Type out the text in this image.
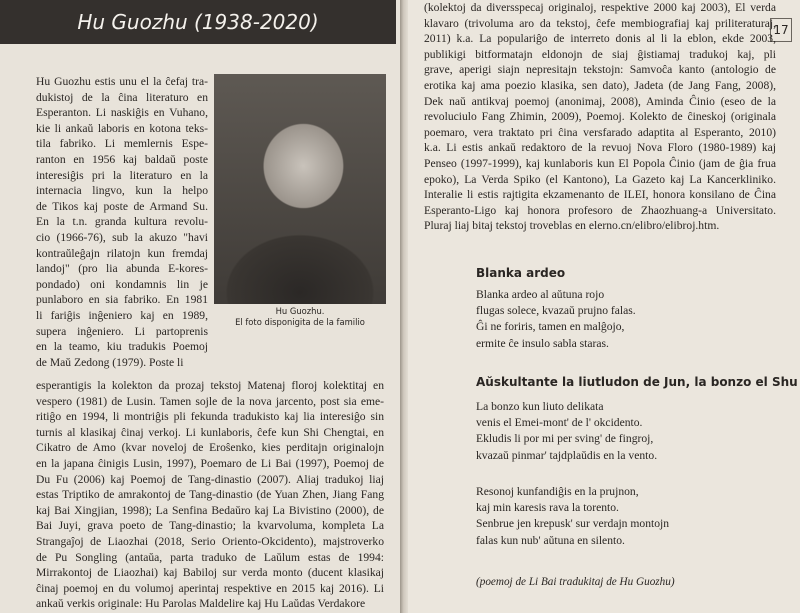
Hu Guozhu (1938-2020)
Hu Guozhu estis unu el la ĉefaj tra-
dukistoj de la ĉina literaturo en
Esperanton. Li naskiĝis en Vuhano,
kie li ankaŭ laboris en kotona teks-
tila fabriko. Li memlernis Espe-
ranton en 1956 kaj baldaŭ poste
interesiĝis pri la literaturo en la
internacia lingvo, kun la helpo
de Tikos kaj poste de Armand Su.
En la t.n. granda kultura revolu-
cio (1966-76), sub la akuzo "havi
kontraŭleĝajn rilatojn kun fremdaj
landoj" (pro lia abunda E-kores-
pondado) oni kondamnis lin je
punlaboro en sia fabriko. En 1981
li fariĝis inĝeniero kaj en 1989,
supera inĝeniero. Li partoprenis
en la teamo, kiu tradukis Poemoj
de Maŭ Zedong (1979). Poste li
Hu Guozhu.
El foto disponigita de la familio
esperantigis la kolekton da prozaj tekstoj Matenaj floroj kolektitaj en
vespero (1981) de Lusin. Tamen sojle de la nova jarcento, post sia eme-
ritiĝo en 1994, li montriĝis pli fekunda tradukisto kaj lia interesiĝo sin
turnis al klasikaj ĉinaj verkoj. Li kunlaboris, ĉefe kun Shi Chengtai, en
Cikatro de Amo (kvar noveloj de Eroŝenko, kies perditajn originalojn
en la japana ĉinigis Lusin, 1997), Poemaro de Li Bai (1997), Poemoj de
Du Fu (2006) kaj Poemoj de Tang-dinastio (2007). Aliaj tradukoj liaj
estas Triptiko de amrakontoj de Tang-dinastio (de Yuan Zhen, Jiang Fang
kaj Bai Xingjian, 1998); La Senfina Bedaŭro kaj La Bivistino (2000), de
Bai Juyi, grava poeto de Tang-dinastio; la kvarvoluma, kompleta La
Strangaĵoj de Liaozhai (2018, Serio Oriento-Okcidento), majstroverko
de Pu Songling (antaŭa, parta traduko de Laŭlum estas de 1994:
Mirrakontoj de Liaozhai) kaj Babiloj sur verda monto (ducent klasikaj
ĉinaj poemoj en du volumoj aperintaj respektive en 2015 kaj 2016). Li
ankaŭ verkis originale: Hu Parolas Maldelire kaj Hu Laŭdas Verdakore
17
(kolektoj da diversspecaj originaloj, respektive 2000 kaj 2003), El verda
klavaro (trivoluma aro da tekstoj, ĉefe membiografiaj kaj priliteraturaj,
2011) k.a. La populariĝo de interreto donis al li la eblon, ekde 2003,
publikigi bitformatajn eldonojn de siaj ĝistiamaj tradukoj kaj, pli
grave, aperigi siajn nepresitajn tekstojn: Samvoĉa kanto (antologio de
erotika kaj ama poezio klasika, sen dato), Jadeta (de Jang Fang, 2008),
Dek naŭ antikvaj poemoj (anonimaj, 2008), Aminda Ĉinio (eseo de la
revoluciulo Fang Zhimin, 2009), Poemoj. Kolekto de ĉineskoj (originala
poemaro, vera traktato pri ĉina versfarado adaptita al Esperanto, 2010)
k.a. Li estis ankaŭ redaktoro de la revuoj Nova Floro (1980-1989) kaj
Penseo (1997-1999), kaj kunlaboris kun El Popola Ĉinio (jam de ĝia frua
epoko), La Verda Spiko (el Kantono), La Gazeto kaj La Kancerkliniko.
Interalie li estis rajtigita ekzamenanto de ILEI, honora konsilano de Ĉina
Esperanto-Ligo kaj honora profesoro de Zhaozhuang-a Universitato.
Pluraj liaj bitaj tekstoj troveblas en elerno.cn/elibro/elibroj.htm.
Blanka ardeo
Blanka ardeo al aŭtuna rojo
flugas solece, kvazaŭ prujno falas.
Ĝi ne foriris, tamen en malĝojo,
ermite ĉe insulo sabla staras.
Aŭskultante la liutludon de Jun, la bonzo el Shu
La bonzo kun liuto delikata
venis el Emei-mont' de l' okcidento.
Ekludis li por mi per sving' de fingroj,
kvazaŭ pinmar' tajdplaŭdis en la vento.
Resonoj kunfandiĝis en la prujnon,
kaj min karesis rava la torento.
Senbrue jen krepusk' sur verdajn montojn
falas kun nub' aŭtuna en silento.
(poemoj de Li Bai tradukitaj de Hu Guozhu)
